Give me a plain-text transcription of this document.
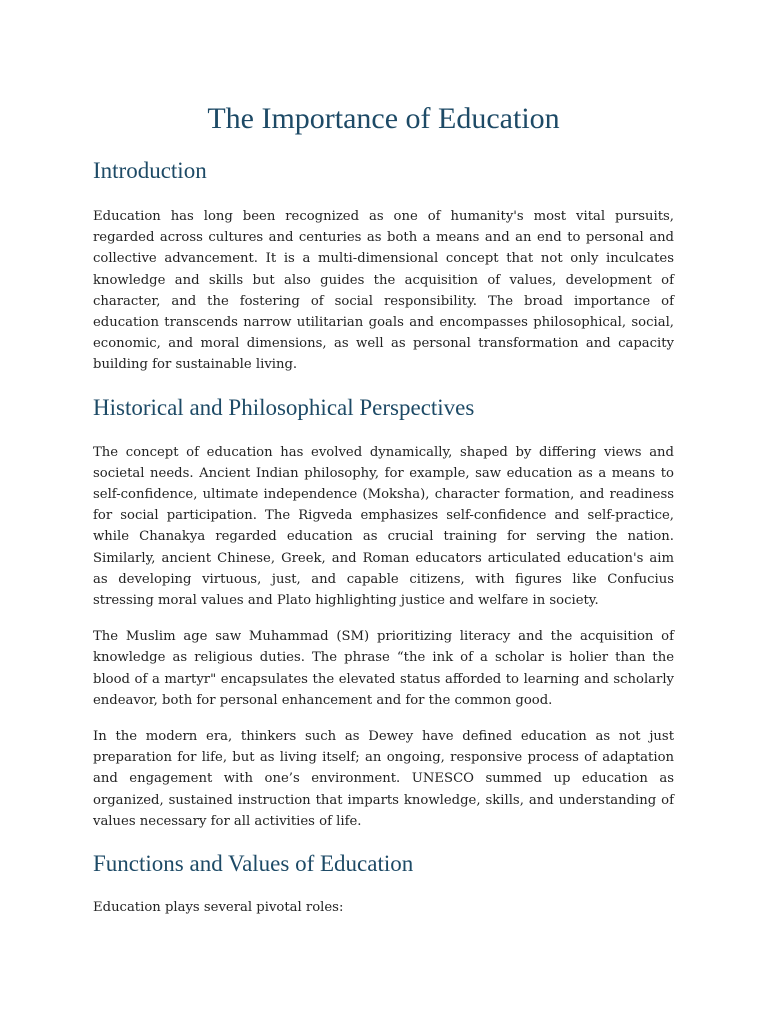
The Importance of Education
Introduction

Education has long been recognized as one of humanity's most vital pursuits, regarded across cultures and centuries as both a means and an end to personal and collective advancement. It is a multi-dimensional concept that not only inculcates knowledge and skills but also guides the acquisition of values, development of character, and the fostering of social responsibility. The broad importance of education transcends narrow utilitarian goals and encompasses philosophical, social, economic, and moral dimensions, as well as personal transformation and capacity building for sustainable living.

Historical and Philosophical Perspectives

The concept of education has evolved dynamically, shaped by differing views and societal needs. Ancient Indian philosophy, for example, saw education as a means to self-confidence, ultimate independence (Moksha), character formation, and readiness for social participation. The Rigveda emphasizes self-confidence and self-practice, while Chanakya regarded education as crucial training for serving the nation. Similarly, ancient Chinese, Greek, and Roman educators articulated education's aim as developing virtuous, just, and capable citizens, with figures like Confucius stressing moral values and Plato highlighting justice and welfare in society.

The Muslim age saw Muhammad (SM) prioritizing literacy and the acquisition of knowledge as religious duties. The phrase “the ink of a scholar is holier than the blood of a martyr" encapsulates the elevated status afforded to learning and scholarly endeavor, both for personal enhancement and for the common good.

In the modern era, thinkers such as Dewey have defined education as not just preparation for life, but as living itself; an ongoing, responsive process of adaptation and engagement with one’s environment. UNESCO summed up education as organized, sustained instruction that imparts knowledge, skills, and understanding of values necessary for all activities of life.

Functions and Values of Education

Education plays several pivotal roles:
